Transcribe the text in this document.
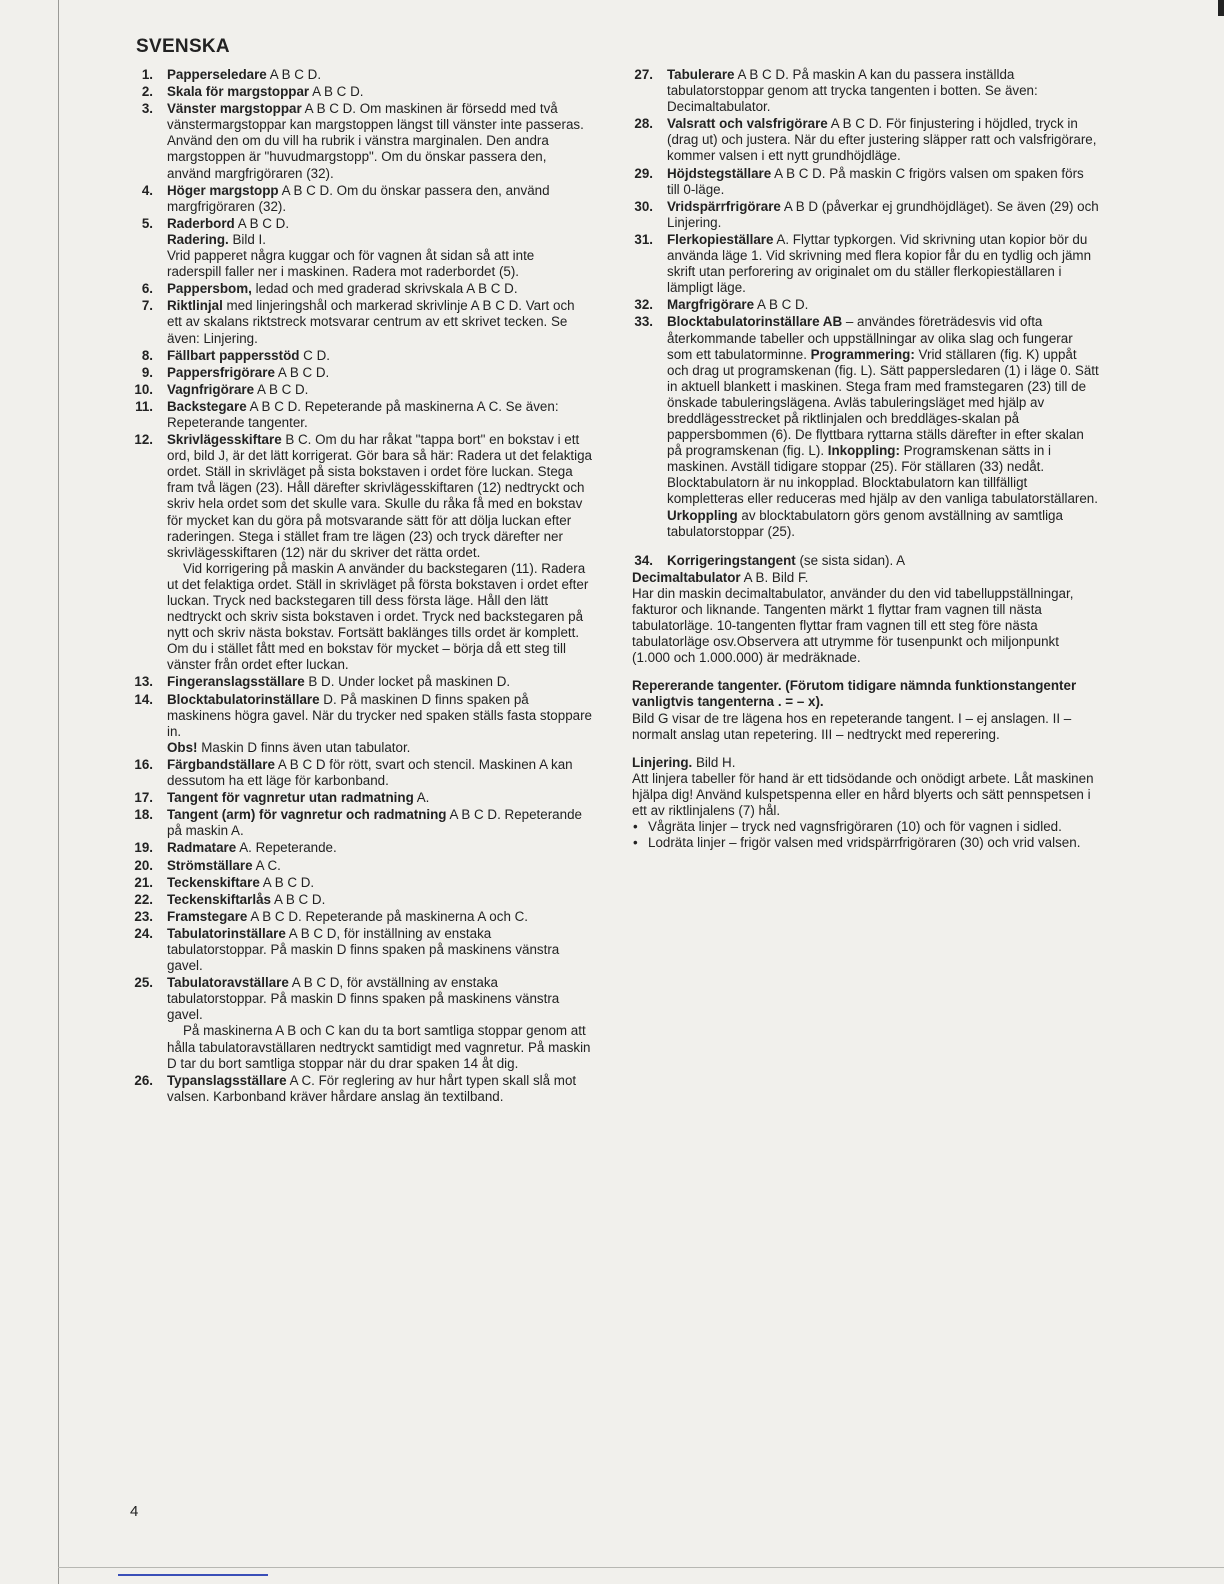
SVENSKA
1. Papperseledare A B C D.
2. Skala för margstoppar A B C D.
3. Vänster margstoppar A B C D. Om maskinen är försedd med två vänstermargstoppar kan margstoppen längst till vänster inte passeras. Använd den om du vill ha rubrik i vänstra marginalen. Den andra margstoppen är "huvudmargstopp". Om du önskar passera den, använd margfrigöraren (32).
4. Höger margstopp A B C D. Om du önskar passera den, använd margfrigöraren (32).
5. Raderbord A B C D.
Radering. Bild I.
Vrid papperet några kuggar och för vagnen åt sidan så att inte raderspill faller ner i maskinen. Radera mot raderbordet (5).
6. Pappersbom, ledad och med graderad skrivskala A B C D.
7. Riktlinjal med linjeringshål och markerad skrivlinje A B C D. Vart och ett av skalans riktstreck motsvarar centrum av ett skrivet tecken. Se även: Linjering.
8. Fällbart pappersstöd C D.
9. Pappersfrigörare A B C D.
10. Vagnfrigörare A B C D.
11. Backstegare A B C D. Repeterande på maskinerna A C. Se även: Repeterande tangenter.
12. Skrivlägesskiftare B C. Om du har råkat "tappa bort" en bokstav i ett ord, bild J, är det lätt korrigerat. Gör bara så här: Radera ut det felaktiga ordet. Ställ in skrivläget på sista bokstaven i ordet före luckan. Stega fram två lägen (23). Håll därefter skrivlägesskiftaren (12) nedtryckt och skriv hela ordet som det skulle vara. Skulle du råka få med en bokstav för mycket kan du göra på motsvarande sätt för att dölja luckan efter raderingen. Stega i stället fram tre lägen (23) och tryck därefter ner skrivlägesskiftaren (12) när du skriver det rätta ordet.
Vid korrigering på maskin A använder du backstegaren (11). Radera ut det felaktiga ordet. Ställ in skrivläget på första bokstaven i ordet efter luckan. Tryck ned backstegaren till dess första läge. Håll den lätt nedtryckt och skriv sista bokstaven i ordet. Tryck ned backstegaren på nytt och skriv nästa bokstav. Fortsätt baklänges tills ordet är komplett. Om du i stället fått med en bokstav för mycket – börja då ett steg till vänster från ordet efter luckan.
13. Fingeranslagsställare B D. Under locket på maskinen D.
14. Blocktabulatorinställare D. På maskinen D finns spaken på maskinens högra gavel. När du trycker ned spaken ställs fasta stoppare in.
Obs! Maskin D finns även utan tabulator.
16. Färgbandställare A B C D för rött, svart och stencil. Maskinen A kan dessutom ha ett läge för karbonband.
17. Tangent för vagnretur utan radmatning A.
18. Tangent (arm) för vagnretur och radmatning A B C D. Repeterande på maskin A.
19. Radmatare A. Repeterande.
20. Strömställare A C.
21. Teckenskiftare A B C D.
22. Teckenskiftarlås A B C D.
23. Framstegare A B C D. Repeterande på maskinerna A och C.
24. Tabulatorinställare A B C D, för inställning av enstaka tabulatorstoppar. På maskin D finns spaken på maskinens vänstra gavel.
25. Tabulatoravställare A B C D, för avställning av enstaka tabulatorstoppar. På maskin D finns spaken på maskinens vänstra gavel.
På maskinerna A B och C kan du ta bort samtliga stoppar genom att hålla tabulatoravställaren nedtryckt samtidigt med vagnretur. På maskin D tar du bort samtliga stoppar när du drar spaken 14 åt dig.
26. Typanslagsställare A C. För reglering av hur hårt typen skall slå mot valsen. Karbonband kräver hårdare anslag än textilband.
27. Tabulerare A B C D. På maskin A kan du passera inställda tabulatorstoppar genom att trycka tangenten i botten. Se även: Decimaltabulator.
28. Valsratt och valsfrigörare A B C D. För finjustering i höjdled, tryck in (drag ut) och justera. När du efter justering släpper ratt och valsfrigörare, kommer valsen i ett nytt grundhöjdläge.
29. Höjdstegställare A B C D. På maskin C frigörs valsen om spaken förs till 0-läge.
30. Vridspärrfrigörare A B D (påverkar ej grundhöjdläget). Se även (29) och Linjering.
31. Flerkopieställare A. Flyttar typkorgen. Vid skrivning utan kopior bör du använda läge 1. Vid skrivning med flera kopior får du en tydlig och jämn skrift utan perforering av originalet om du ställer flerkopieställaren i lämpligt läge.
32. Margfrigörare A B C D.
33. Blocktabulatorinställare AB – användes företrädesvis vid ofta återkommande tabeller och uppställningar av olika slag och fungerar som ett tabulatorminne. Programmering: Vrid ställaren (fig. K) uppåt och drag ut programskenan (fig. L). Sätt pappersledaren (1) i läge 0. Sätt in aktuell blankett i maskinen. Stega fram med framstegaren (23) till de önskade tabuleringslägena. Avläs tabuleringsläget med hjälp av breddlägesstrecket på riktlinjalen och breddläges-skalan på pappersbommen (6). De flyttbara ryttarna ställs därefter in efter skalan på programskenan (fig. L). Inkoppling: Programskenan sätts in i maskinen. Avställ tidigare stoppar (25). För ställaren (33) nedåt. Blocktabulatorn är nu inkopplad. Blocktabulatorn kan tillfälligt kompletteras eller reduceras med hjälp av den vanliga tabulatorställaren. Urkoppling av blocktabulatorn görs genom avställning av samtliga tabulatorstoppar (25).
34. Korrigeringstangent (se sista sidan). A
Decimaltabulator A B. Bild F.
Har din maskin decimaltabulator, använder du den vid tabelluppställningar, fakturor och liknande. Tangenten märkt 1 flyttar fram vagnen till nästa tabulatorläge. 10-tangenten flyttar fram vagnen till ett steg före nästa tabulatorläge osv.Observera att utrymme för tusenpunkt och miljonpunkt (1.000 och 1.000.000) är medräknade.
Repererande tangenter. (Förutom tidigare nämnda funktionstangenter vanligtvis tangenterna . = – x).
Bild G visar de tre lägena hos en repeterande tangent. I – ej anslagen. II – normalt anslag utan repetering. III – nedtryckt med reperering.
Linjering. Bild H.
Att linjera tabeller för hand är ett tidsödande och onödigt arbete. Låt maskinen hjälpa dig! Använd kulspetspenna eller en hård blyerts och sätt pennspetsen i ett av riktlinjalens (7) hål.
• Vågräta linjer – tryck ned vagnsfrigöraren (10) och för vagnen i sidled.
• Lodräta linjer – frigör valsen med vridspärrfrigöraren (30) och vrid valsen.
4
